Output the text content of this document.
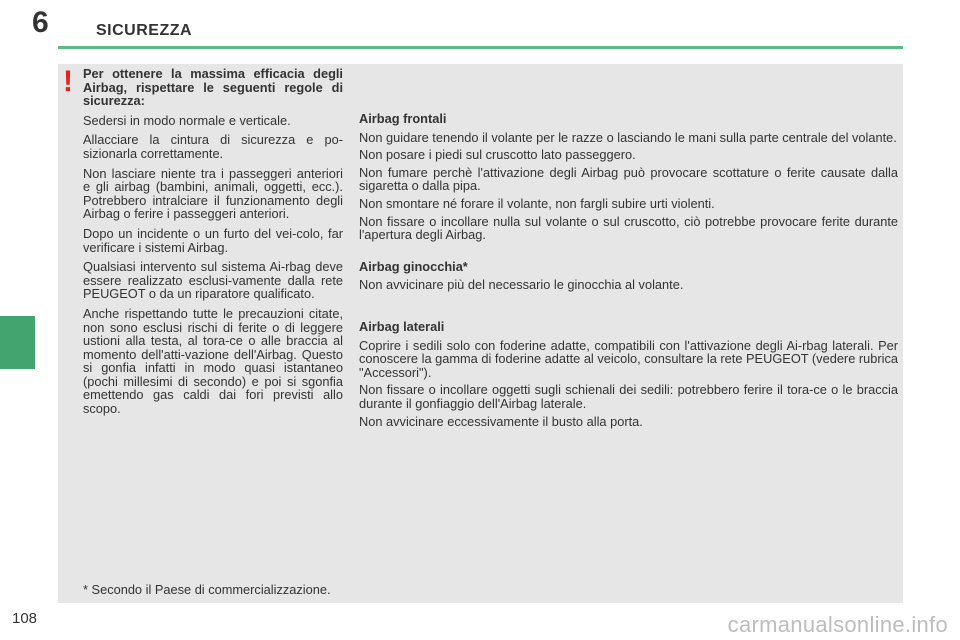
6	SICUREZZA
! Per ottenere la massima efficacia degli Airbag, rispettare le seguenti regole di sicurezza:

Sedersi in modo normale e verticale.

Allacciare la cintura di sicurezza e po-sizionarla correttamente.

Non lasciare niente tra i passeggeri anteriori e gli airbag (bambini, animali, oggetti, ecc.). Potrebbero intralciare il funzionamento degli Airbag o ferire i passeggeri anteriori.

Dopo un incidente o un furto del vei-colo, far verificare i sistemi Airbag.

Qualsiasi intervento sul sistema Ai-rbag deve essere realizzato esclusi-vamente dalla rete PEUGEOT o da un riparatore qualificato.

Anche rispettando tutte le precauzioni citate, non sono esclusi rischi di ferite o di leggere ustioni alla testa, al tora-ce o alle braccia al momento dell'atti-vazione dell'Airbag. Questo si gonfia infatti in modo quasi istantaneo (pochi millesimi di secondo) e poi si sgonfia emettendo gas caldi dai fori previsti allo scopo.

Airbag frontali

Non guidare tenendo il volante per le razze o lasciando le mani sulla parte centrale del volante.

Non posare i piedi sul cruscotto lato passeggero.

Non fumare perchè l'attivazione degli Airbag può provocare scottature o ferite causate dalla sigaretta o dalla pipa.

Non smontare né forare il volante, non fargli subire urti violenti.

Non fissare o incollare nulla sul volante o sul cruscotto, ciò potrebbe provocare ferite durante l'apertura degli Airbag.

Airbag ginocchia*

Non avvicinare più del necessario le ginocchia al volante.

Airbag laterali

Coprire i sedili solo con foderine adatte, compatibili con l'attivazione degli Ai-rbag laterali. Per conoscere la gamma di foderine adatte al veicolo, consultare la rete PEUGEOT (vedere rubrica "Accessori").

Non fissare o incollare oggetti sugli schienali dei sedili: potrebbero ferire il tora-ce o le braccia durante il gonfiaggio dell'Airbag laterale.

Non avvicinare eccessivamente il busto alla porta.

* Secondo il Paese di commercializzazione.
108	carmanualsonline.info
